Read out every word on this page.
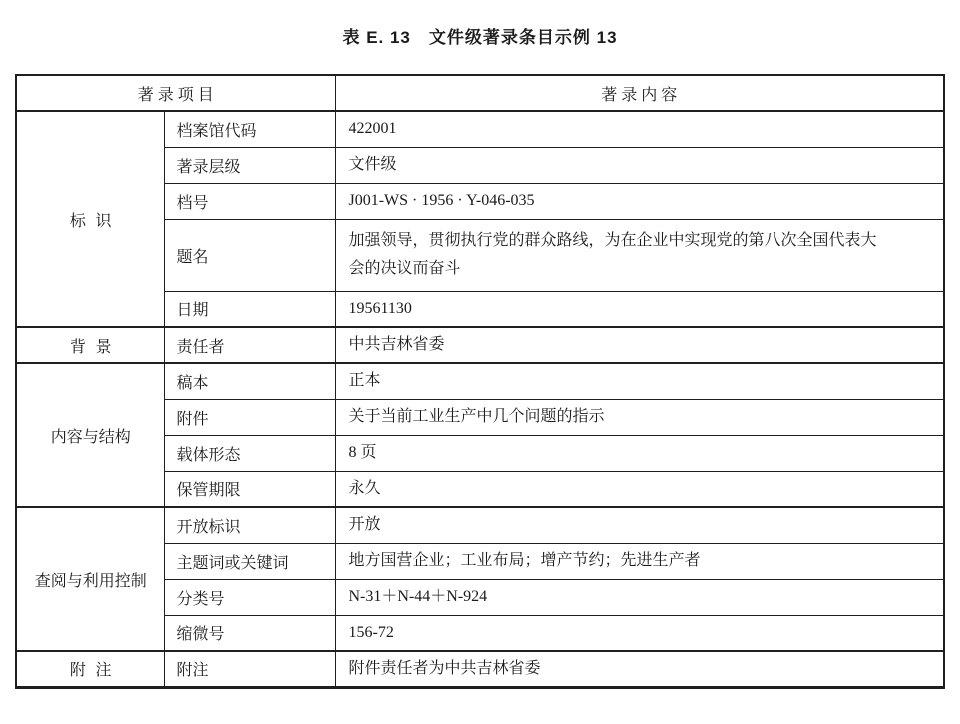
表 E. 13　文件级著录条目示例 13
著录项目		著录内容
标识	档案馆代码	422001
	著录层级	文件级
	档号	J001-WS · 1956 · Y-046-035
	题名	加强领导，贯彻执行党的群众路线，为在企业中实现党的第八次全国代表大会的决议而奋斗
	日期	19561130
背景	责任者	中共吉林省委
内容与结构	稿本	正本
	附件	关于当前工业生产中几个问题的指示
	载体形态	8 页
	保管期限	永久
查阅与利用控制	开放标识	开放
	主题词或关键词	地方国营企业；工业布局；增产节约；先进生产者
	分类号	N-31＋N-44＋N-924
	缩微号	156-72
附注	附注	附件责任者为中共吉林省委
